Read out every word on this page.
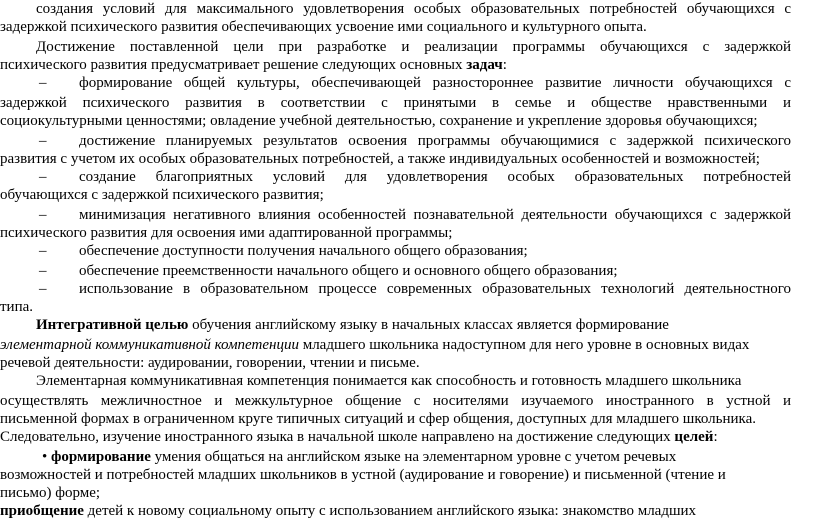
создания условий для максимального удовлетворения особых образовательных потребностей обучающихся с
задержкой психического развития обеспечивающих усвоение ими социального и культурного опыта.
Достижение поставленной цели при разработке и реализации программы обучающихся с задержкой
психического развития предусматривает решение следующих основных задач:
– формирование общей культуры, обеспечивающей разностороннее развитие личности обучающихся с
задержкой психического развития в соответствии с принятыми в семье и обществе нравственными и
социокультурными ценностями; овладение учебной деятельностью, сохранение и укрепление здоровья обучающихся;
– достижение планируемых результатов освоения программы обучающимися с задержкой психического
развития с учетом их особых образовательных потребностей, а также индивидуальных особенностей и возможностей;
– создание благоприятных условий для удовлетворения особых образовательных потребностей
обучающихся с задержкой психического развития;
– минимизация негативного влияния особенностей познавательной деятельности обучающихся с задержкой
психического развития для освоения ими адаптированной программы;
– обеспечение доступности получения начального общего образования;
– обеспечение преемственности начального общего и основного общего образования;
– использование в образовательном процессе современных образовательных технологий деятельностного
типа.
Интегративной целью обучения английскому языку в начальных классах является формирование
элементарной коммуникативной компетенции младшего школьника надоступном для него уровне в основных видах
речевой деятельности: аудировании, говорении, чтении и письме.
Элементарная коммуникативная компетенция понимается как способность и готовность младшего школьника
осуществлять межличностное и межкультурное общение с носителями изучаемого иностранного в устной и
письменной формах в ограниченном круге типичных ситуаций и сфер общения, доступных для младшего школьника.
Следовательно, изучение иностранного языка в начальной школе направлено на достижение следующих целей:
• формирование умения общаться на английском языке на элементарном уровне с учетом речевых
возможностей и потребностей младших школьников в устной (аудирование и говорение) и письменной (чтение и
письмо) форме;
приобщение детей к новому социальному опыту с использованием английского языка: знакомство младших
